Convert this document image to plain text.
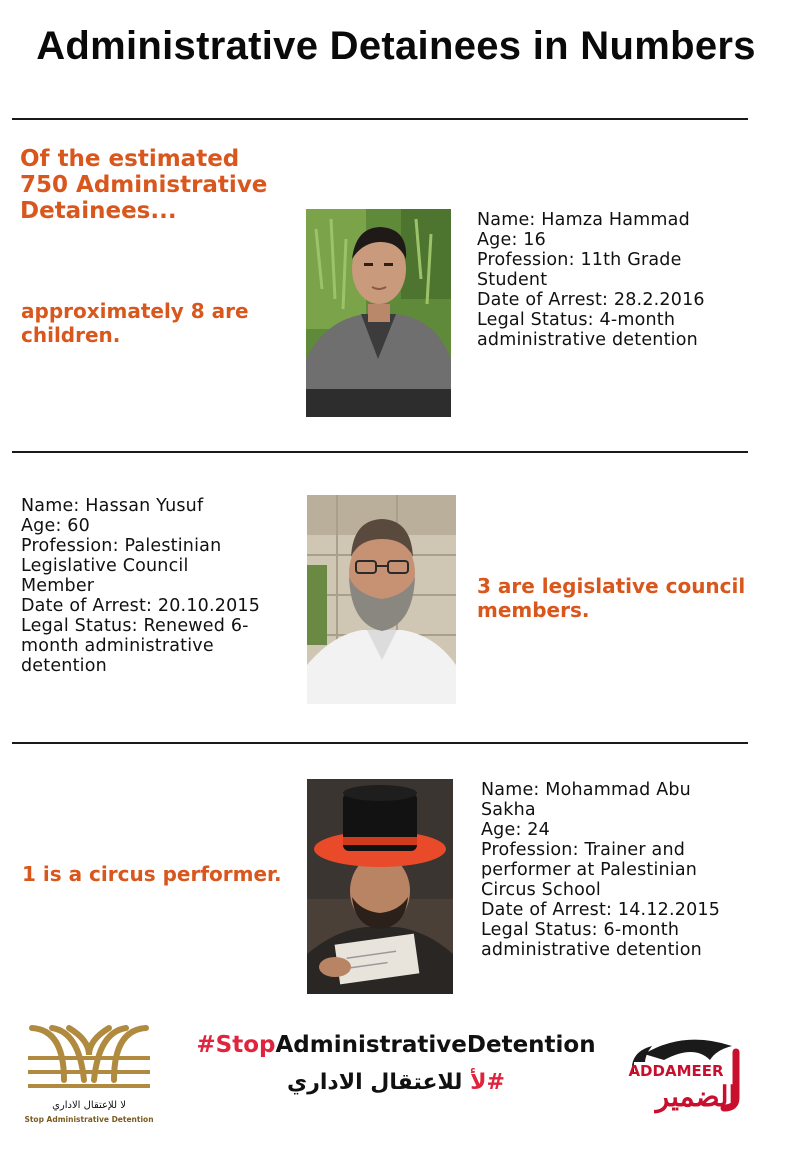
Administrative Detainees in Numbers
Of the estimated
750 Administrative
Detainees...
approximately 8 are
children.
Name: Hamza Hammad
Age: 16
Profession: 11th Grade
Student
Date of Arrest: 28.2.2016
Legal Status: 4-month
administrative detention
Name: Hassan Yusuf
Age: 60
Profession: Palestinian
Legislative Council
Member
Date of Arrest: 20.10.2015
Legal Status: Renewed 6-
month administrative
detention
3 are legislative council
members.
1 is a circus performer.
Name: Mohammad Abu
Sakha
Age: 24
Profession: Trainer and
performer at Palestinian
Circus School
Date of Arrest: 14.12.2015
Legal Status: 6-month
administrative detention
لا للإعتقال الاداري
Stop Administrative Detention
#StopAdministrativeDetention
#لأ للاعتقال الاداري	ADDAMEER
الضمير
